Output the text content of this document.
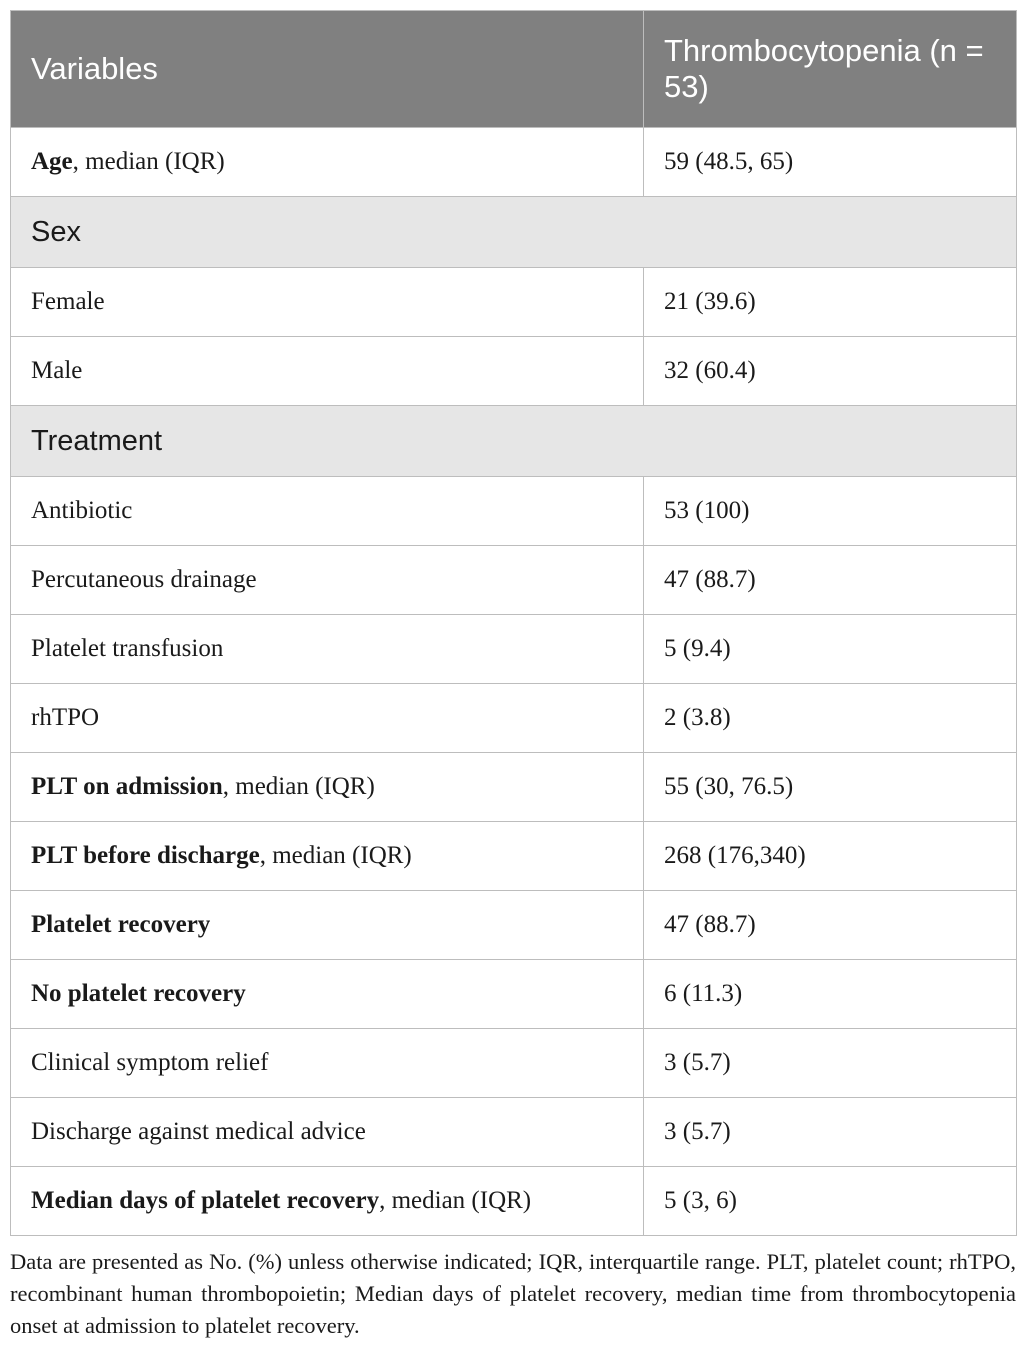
Variables	Thrombocytopenia (n = 53)
Age, median (IQR)	59 (48.5, 65)
Sex	
Female	21 (39.6)
Male	32 (60.4)
Treatment	
Antibiotic	53 (100)
Percutaneous drainage	47 (88.7)
Platelet transfusion	5 (9.4)
rhTPO	2 (3.8)
PLT on admission, median (IQR)	55 (30, 76.5)
PLT before discharge, median (IQR)	268 (176,340)
Platelet recovery	47 (88.7)
No platelet recovery	6 (11.3)
Clinical symptom relief	3 (5.7)
Discharge against medical advice	3 (5.7)
Median days of platelet recovery, median (IQR)	5 (3, 6)
Data are presented as No. (%) unless otherwise indicated; IQR, interquartile range. PLT, platelet count; rhTPO, recombinant human thrombopoietin; Median days of platelet recovery, median time from thrombocytopenia onset at admission to platelet recovery.
